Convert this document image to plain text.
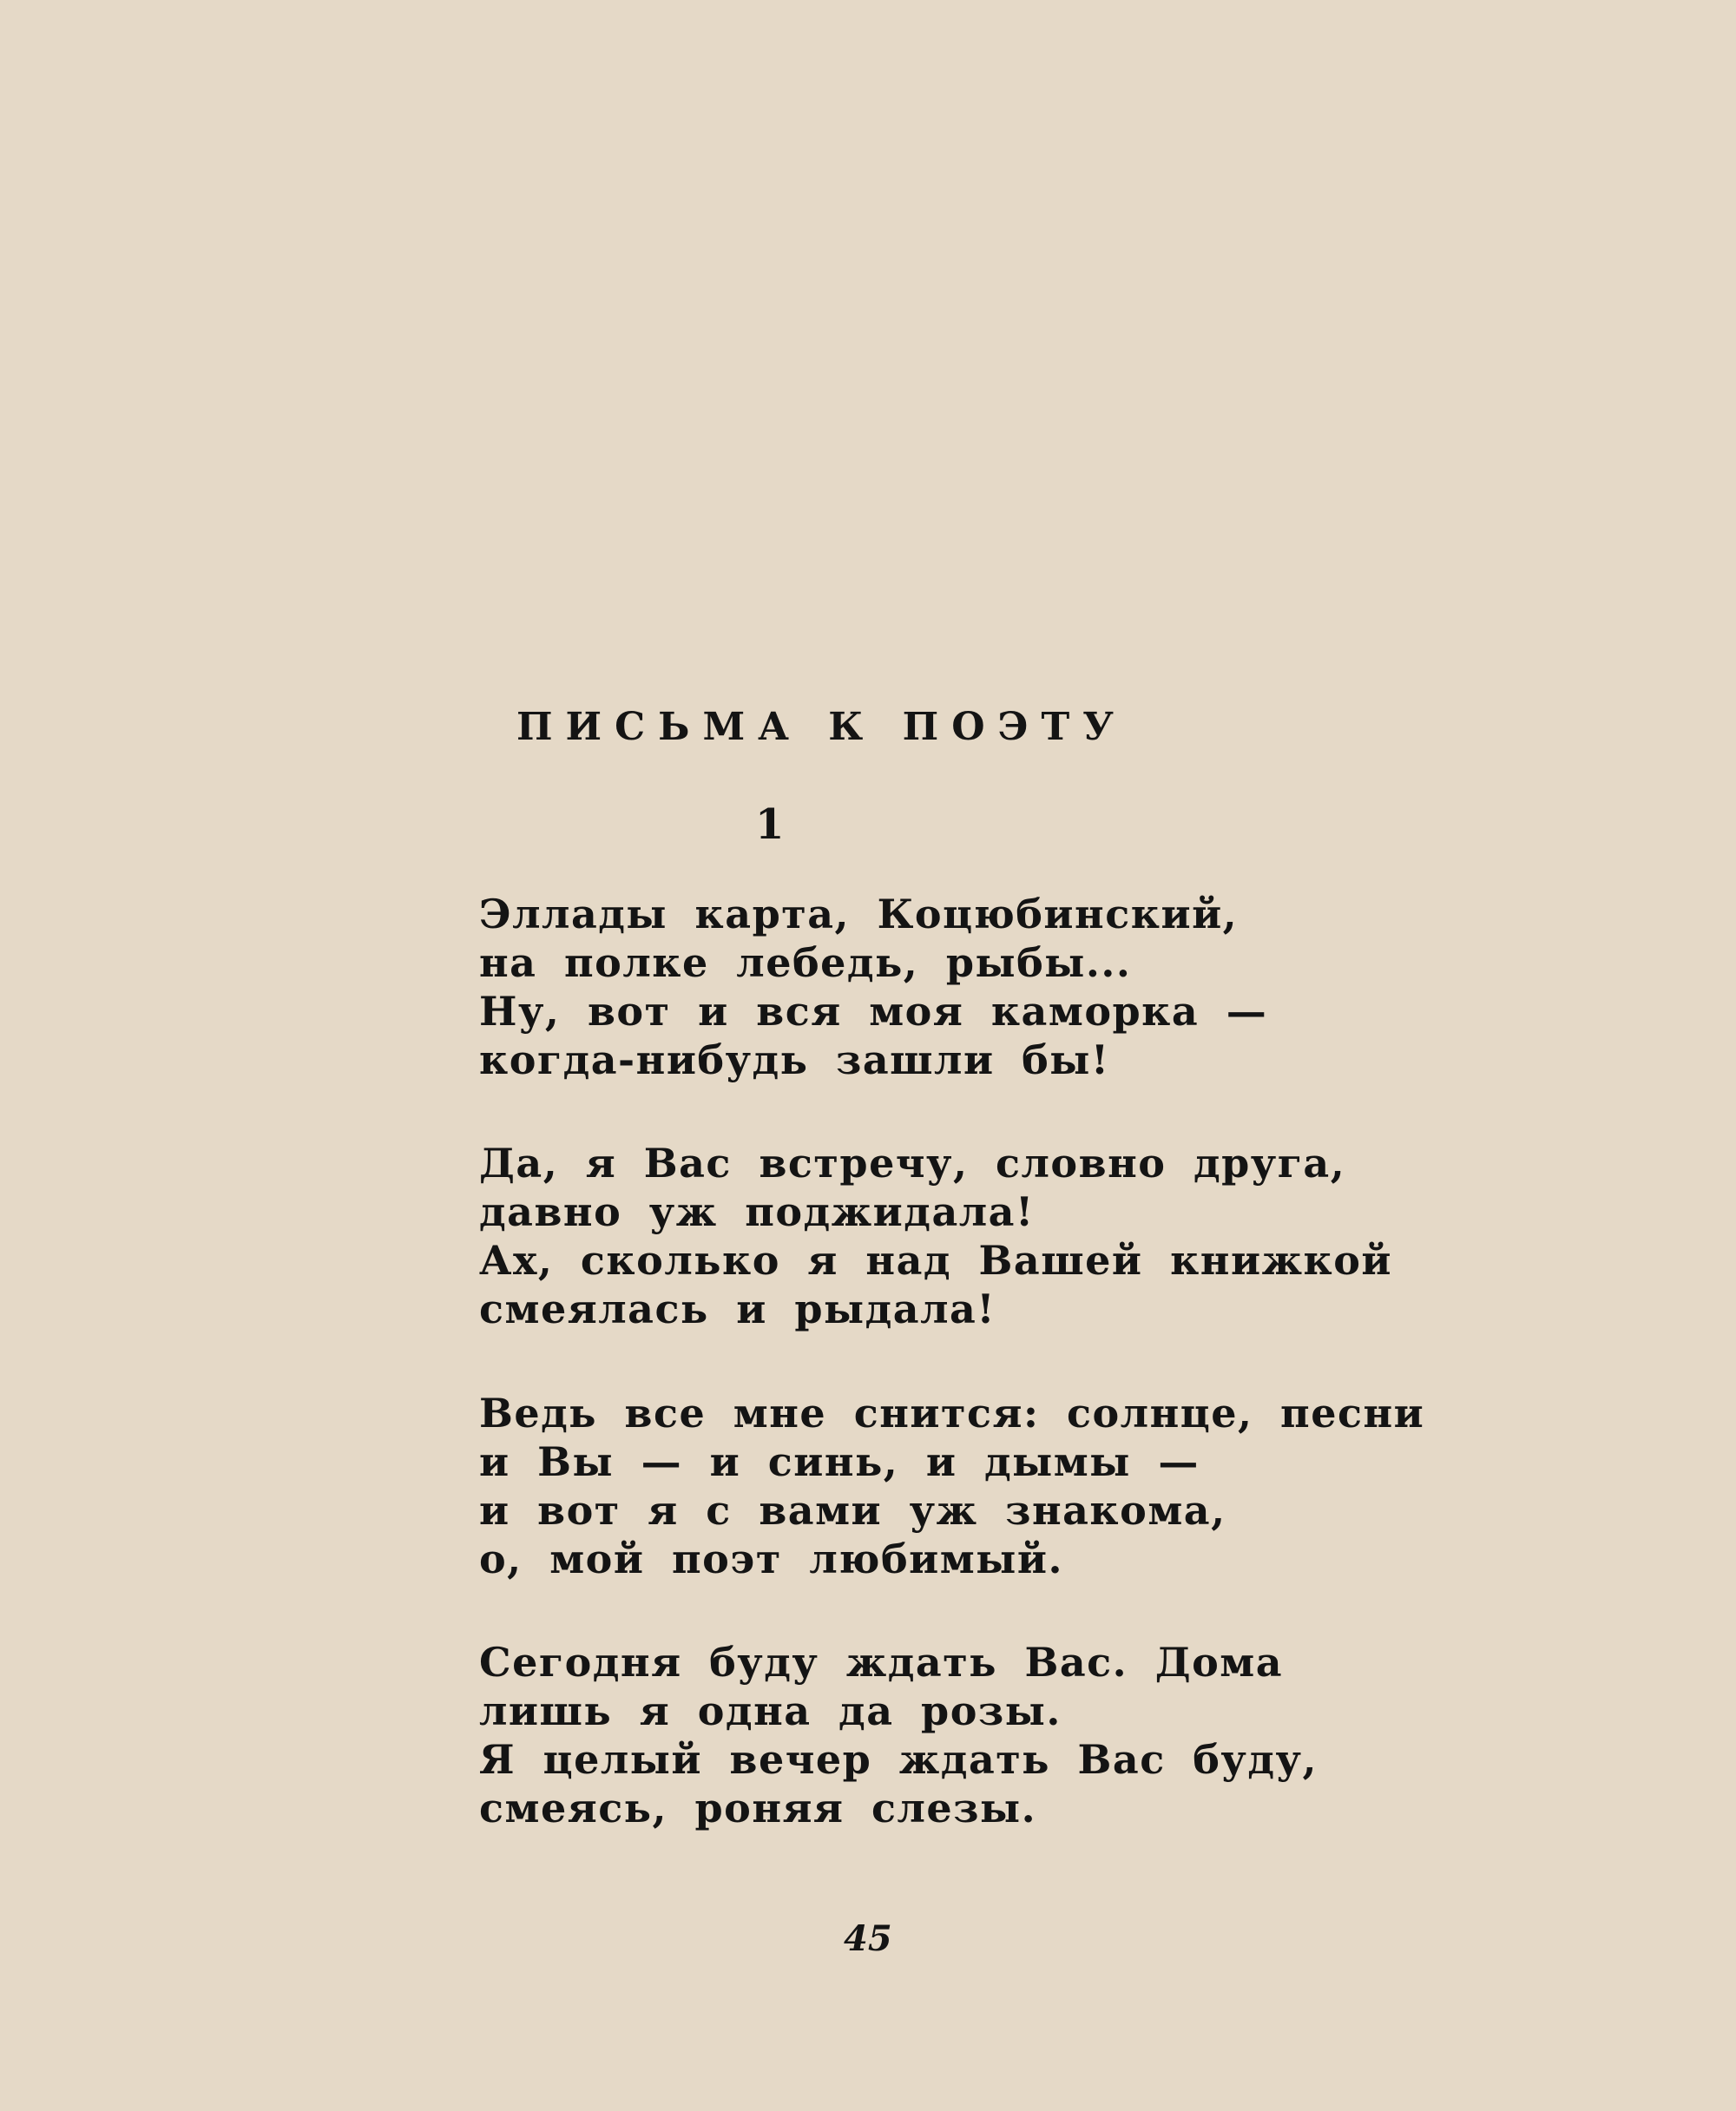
ПИСЬМА К ПОЭТУ
1
Эллады карта, Коцюбинский,
на полке лебедь, рыбы...
Ну, вот и вся моя каморка —
когда-нибудь зашли бы!
Да, я Вас встречу, словно друга,
давно уж поджидала!
Ах, сколько я над Вашей книжкой
смеялась и рыдала!
Ведь все мне снится: солнце, песни
и Вы — и синь, и дымы —
и вот я с вами уж знакома,
о, мой поэт любимый.
Сегодня буду ждать Вас. Дома
лишь я одна да розы.
Я целый вечер ждать Вас буду,
смеясь, роняя слезы.
45
